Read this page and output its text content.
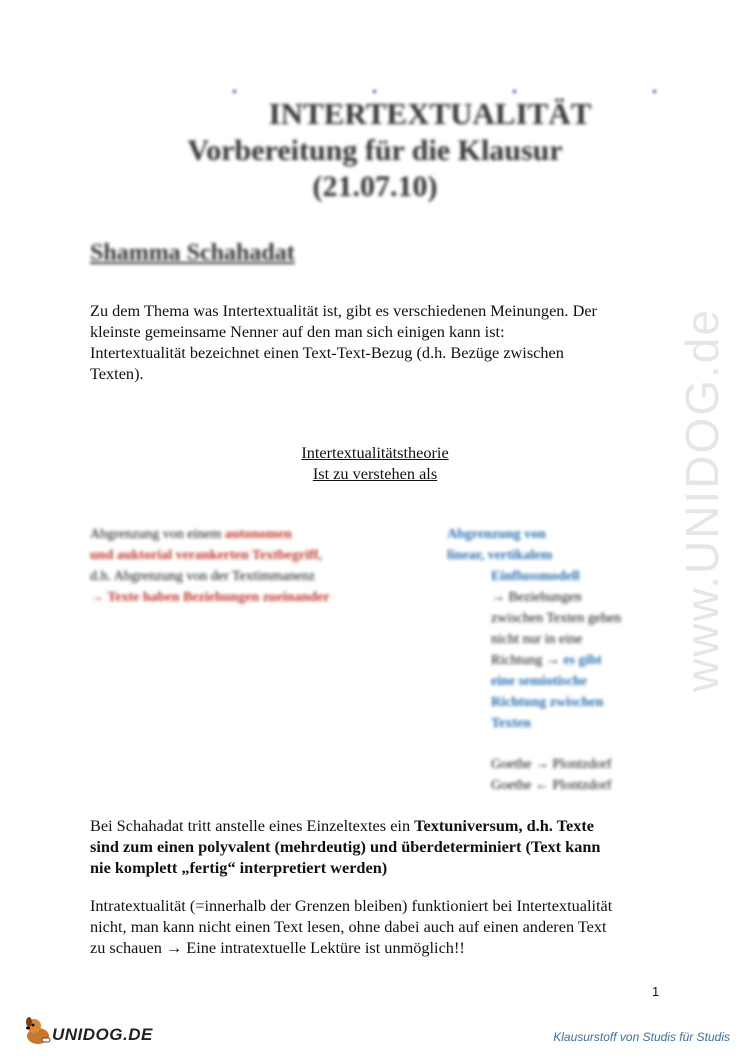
INTERTEXTUALITÄT
Vorbereitung für die Klausur
(21.07.10)
Shamma Schahadat
www.UNIDOG.de
Zu dem Thema was Intertextualität ist, gibt es verschiedenen Meinungen. Der
kleinste gemeinsame Nenner auf den man sich einigen kann ist:
Intertextualität bezeichnet einen Text-Text-Bezug (d.h. Bezüge zwischen
Texten).
Intertextualitätstheorie
Ist zu verstehen als
Abgrenzung von einem autonomen
und auktorial verankerten Textbegriff,
d.h. Abgrenzung von der Textimmanenz
→ Texte haben Beziehungen zueinander
Abgrenzung von
linear, vertikalem
Einflussmodell
→ Beziehungen
zwischen Texten gehen
nicht nur in eine
Richtung → es gibt
eine semiotische
Richtung zwischen
Texten
Goethe → Plontzdorf
Goethe ← Plontzdorf
Bei Schahadat tritt anstelle eines Einzeltextes ein Textuniversum, d.h. Texte
sind zum einen polyvalent (mehrdeutig) und überdeterminiert (Text kann
nie komplett „fertig“ interpretiert werden)
Intratextualität (=innerhalb der Grenzen bleiben) funktioniert bei Intertextualität
nicht, man kann nicht einen Text lesen, ohne dabei auch auf einen anderen Text
zu schauen → Eine intratextuelle Lektüre ist unmöglich!!
1
UNIDOG.DE	Klausurstoff von Studis für Studis
